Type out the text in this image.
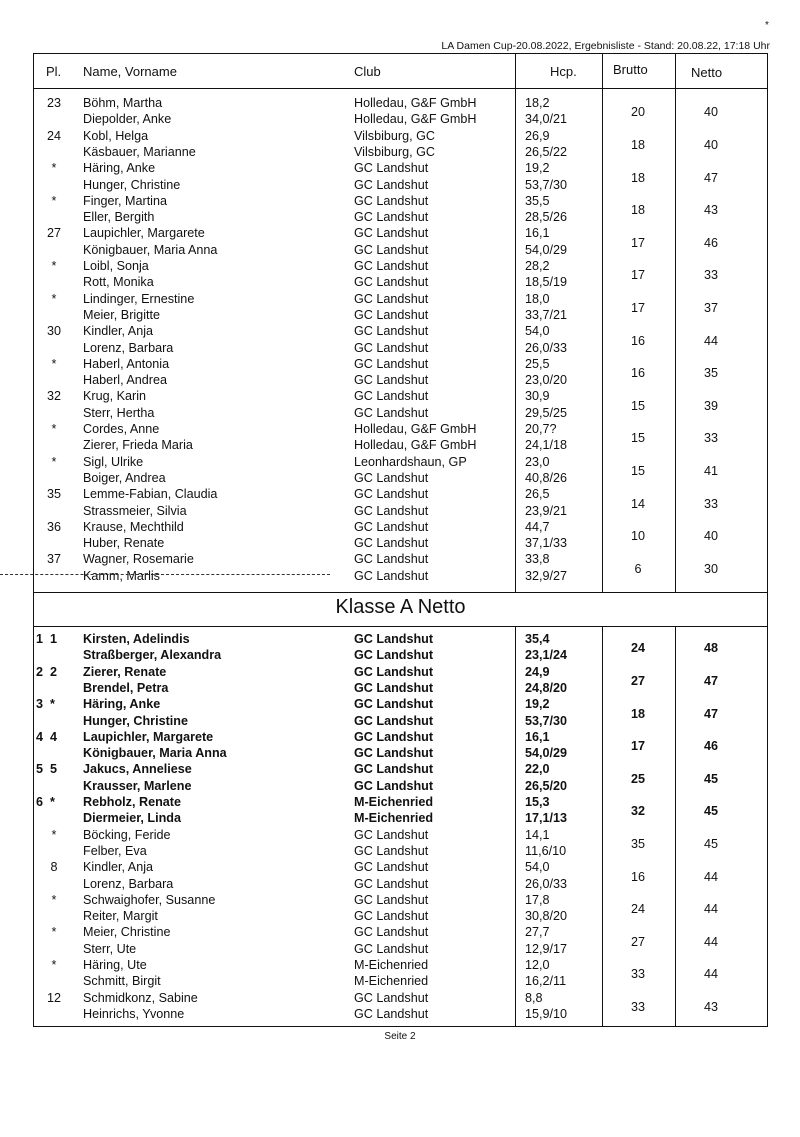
*
LA Damen Cup-20.08.2022, Ergebnisliste - Stand: 20.08.22, 17:18 Uhr
Pl. Name, Vorname	Club	Hcp.	Brutto	Netto
Klasse A Netto
23	Böhm, Martha	Holledau, G&F GmbH	18,2
Diepolder, Anke	Holledau, G&F GmbH	34,0/21	20	40
24	Kobl, Helga	Vilsbiburg, GC	26,9
Käsbauer, Marianne	Vilsbiburg, GC	26,5/22	18	40
*	Häring, Anke	GC Landshut	19,2
Hunger, Christine	GC Landshut	53,7/30	18	47
*	Finger, Martina	GC Landshut	35,5
Eller, Bergith	GC Landshut	28,5/26	18	43
27	Laupichler, Margarete	GC Landshut	16,1
Königbauer, Maria Anna	GC Landshut	54,0/29	17	46
*	Loibl, Sonja	GC Landshut	28,2
Rott, Monika	GC Landshut	18,5/19	17	33
*	Lindinger, Ernestine	GC Landshut	18,0
Meier, Brigitte	GC Landshut	33,7/21	17	37
30	Kindler, Anja	GC Landshut	54,0
Lorenz, Barbara	GC Landshut	26,0/33	16	44
*	Haberl, Antonia	GC Landshut	25,5
Haberl, Andrea	GC Landshut	23,0/20	16	35
32	Krug, Karin	GC Landshut	30,9
Sterr, Hertha	GC Landshut	29,5/25	15	39
*	Cordes, Anne	Holledau, G&F GmbH	20,7?
Zierer, Frieda Maria	Holledau, G&F GmbH	24,1/18	15	33
*	Sigl, Ulrike	Leonhardshaun, GP	23,0
Boiger, Andrea	GC Landshut	40,8/26	15	41
35	Lemme-Fabian, Claudia	GC Landshut	26,5
Strassmeier, Silvia	GC Landshut	23,9/21	14	33
36	Krause, Mechthild	GC Landshut	44,7
Huber, Renate	GC Landshut	37,1/33	10	40
37	Wagner, Rosemarie	GC Landshut	33,8
Kamm, Marlis	GC Landshut	32,9/27	6	30
1  1	Kirsten, Adelindis	GC Landshut	35,4
Straßberger, Alexandra	GC Landshut	23,1/24	24	48
2  2	Zierer, Renate	GC Landshut	24,9
Brendel, Petra	GC Landshut	24,8/20	27	47
3  *	Häring, Anke	GC Landshut	19,2
Hunger, Christine	GC Landshut	53,7/30	18	47
4  4	Laupichler, Margarete	GC Landshut	16,1
Königbauer, Maria Anna	GC Landshut	54,0/29	17	46
5  5	Jakucs, Anneliese	GC Landshut	22,0
Krausser, Marlene	GC Landshut	26,5/20	25	45
6  *	Rebholz, Renate	M-Eichenried	15,3
Diermeier, Linda	M-Eichenried	17,1/13	32	45
*	Böcking, Feride	GC Landshut	14,1
Felber, Eva	GC Landshut	11,6/10	35	45
8	Kindler, Anja	GC Landshut	54,0
Lorenz, Barbara	GC Landshut	26,0/33	16	44
*	Schwaighofer, Susanne	GC Landshut	17,8
Reiter, Margit	GC Landshut	30,8/20	24	44
*	Meier, Christine	GC Landshut	27,7
Sterr, Ute	GC Landshut	12,9/17	27	44
*	Häring, Ute	M-Eichenried	12,0
Schmitt, Birgit	M-Eichenried	16,2/11	33	44
12	Schmidkonz, Sabine	GC Landshut	8,8
Heinrichs, Yvonne	GC Landshut	15,9/10	33	43
Seite 2
